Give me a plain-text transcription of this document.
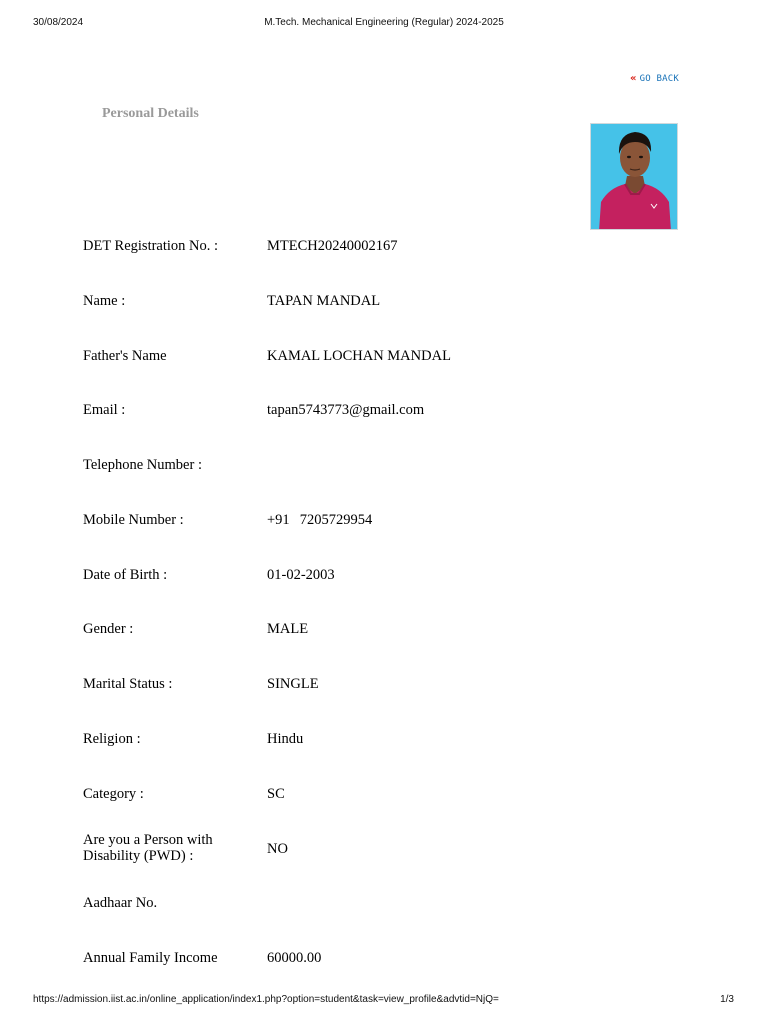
30/08/2024	M.Tech. Mechanical Engineering (Regular) 2024-2025
« GO BACK
Personal Details
DET Registration No. :	MTECH20240002167
Name :	TAPAN MANDAL
Father's Name	KAMAL LOCHAN MANDAL
Email :	tapan5743773@gmail.com
Telephone Number :
Mobile Number :	+91 7205729954
Date of Birth :	01-02-2003
Gender :	MALE
Marital Status :	SINGLE
Religion :	Hindu
Category :	SC
Are you a Person with Disability (PWD) :	NO
Aadhaar No.
Annual Family Income	60000.00
https://admission.iist.ac.in/online_application/index1.php?option=student&task=view_profile&advtid=NjQ=	1/3
